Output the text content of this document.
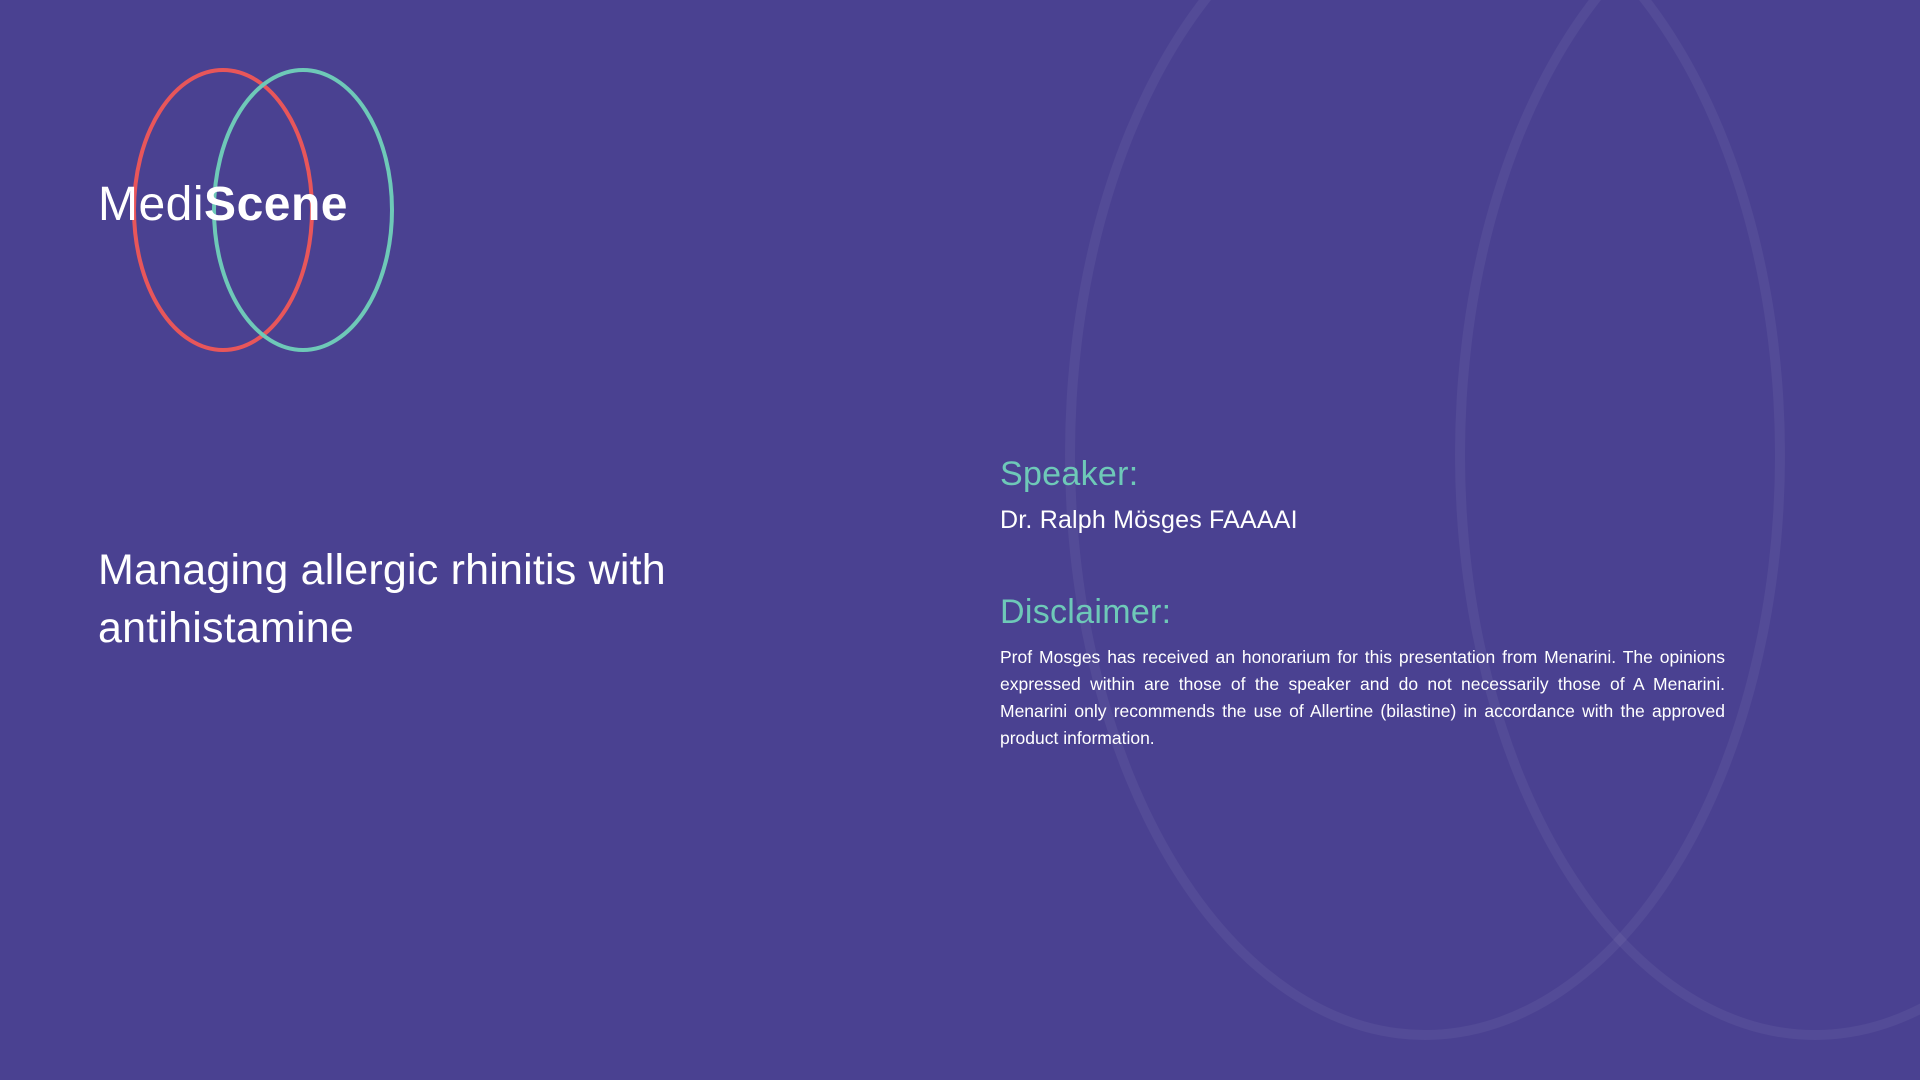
MediScene
Managing allergic rhinitis with antihistamine
Speaker:

Dr. Ralph Mösges FAAAAI

Disclaimer:

Prof Mosges has received an honorarium for this presentation from Menarini. The opinions expressed within are those of the speaker and do not necessarily those of A Menarini. Menarini only recommends the use of Allertine (bilastine) in accordance with the approved product information.
